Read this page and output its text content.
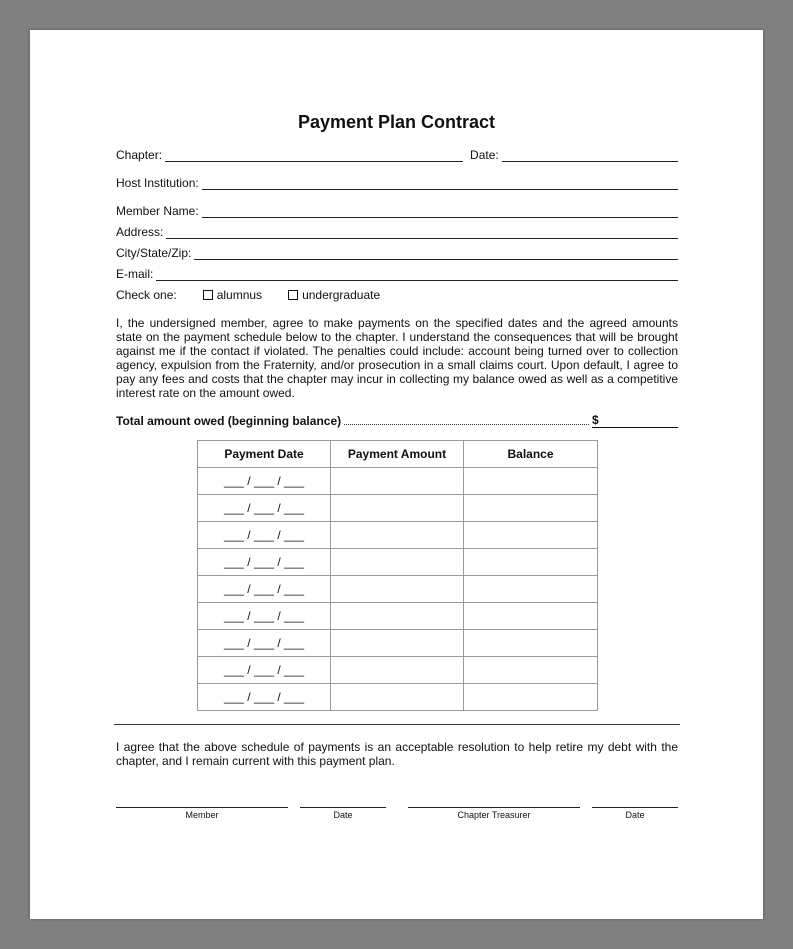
Payment Plan Contract
Chapter:	Date:
Host Institution:
Member Name:
Address:
City/State/Zip:
E-mail:
Check one:	alumnus	undergraduate
I, the undersigned member, agree to make payments on the specified dates and the agreed amounts state on the payment schedule below to the chapter. I understand the consequences that will be brought against me if the contact if violated. The penalties could include: account being turned over to collection agency, expulsion from the Fraternity, and/or prosecution in a small claims court. Upon default, I agree to pay any fees and costs that the chapter may incur in collecting my balance owed as well as a competitive interest rate on the amount owed.
Total amount owed (beginning balance)	$
Payment Date	Payment Amount	Balance
___ / ___ / ___		
___ / ___ / ___		
___ / ___ / ___		
___ / ___ / ___		
___ / ___ / ___		
___ / ___ / ___		
___ / ___ / ___		
___ / ___ / ___		
___ / ___ / ___		
I agree that the above schedule of payments is an acceptable resolution to help retire my debt with the chapter, and I remain current with this payment plan.
Member	Date	Chapter Treasurer	Date
